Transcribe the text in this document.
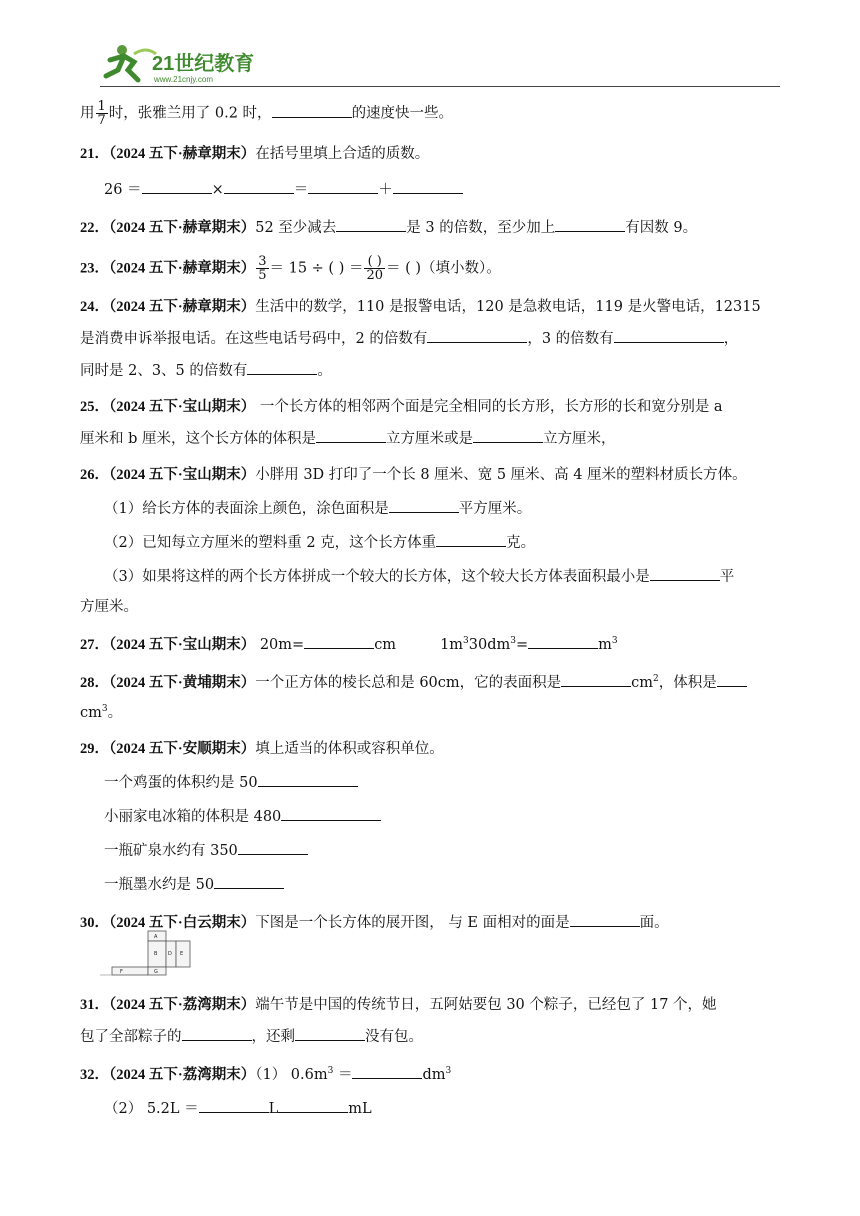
21世纪教育
www.21cnjy.com
用 $\frac{1}{7}$ 时，张雅兰用了 0.2 时，	的速度快一些。
21．（2024 五下·赫章期末）在括号里填上合适的质数。
26 ＝	×	＝	＋
22．（2024 五下·赫章期末）52 至少减去	是 3 的倍数，至少加上	有因数 9。
23．（2024 五下·赫章期末） $\frac{3}{5} = 15$ ÷ ( ) ＝ $\frac{( )}{20}$ ＝ ( )（填小数）。
24．（2024 五下·赫章期末）生活中的数学，110 是报警电话，120 是急救电话，119 是火警电话，12315
是消费申诉举报电话。在这些电话号码中，2 的倍数有	，3 的倍数有	，
同时是 2、3、5 的倍数有	。
25．（2024 五下·宝山期末） 一个长方体的相邻两个面是完全相同的长方形，长方形的长和宽分别是 a
厘米和 b 厘米，这个长方体的体积是	立方厘米或是	立方厘米，
26．（2024 五下·宝山期末）小胖用 3D 打印了一个长 8 厘米、宽 5 厘米、高 4 厘米的塑料材质长方体。
（1）给长方体的表面涂上颜色，涂色面积是	平方厘米。
（2）已知每立方厘米的塑料重 2 克，这个长方体重	克。
（3）如果将这样的两个长方体拼成一个较大的长方体，这个较大长方体表面积最小是	平
方厘米。
27．（2024 五下·宝山期末） 20m=	cm	$1m^330dm^3=$	$m^3$
28．（2024 五下·黄埔期末）一个正方体的棱长总和是 60cm，它的表面积是	$cm^2$，体积是
$cm^3$。
29．（2024 五下·安顺期末）填上适当的体积或容积单位。
一个鸡蛋的体积约是 50
小丽家电冰箱的体积是 480
一瓶矿泉水约有 350
一瓶墨水约是 50
30．（2024 五下·白云期末）下图是一个长方体的展开图， 与 E 面相对的面是	面。
A
B D E
F	G
31．（2024 五下·荔湾期末）端午节是中国的传统节日，五阿姑要包 30 个粽子，已经包了 17 个，她
包了全部粽子的	，还剩	没有包。
32．（2024 五下·荔湾期末）（1） $0.6m^3$ ＝	$dm^3$
（2） 5.2L ＝	L	mL
